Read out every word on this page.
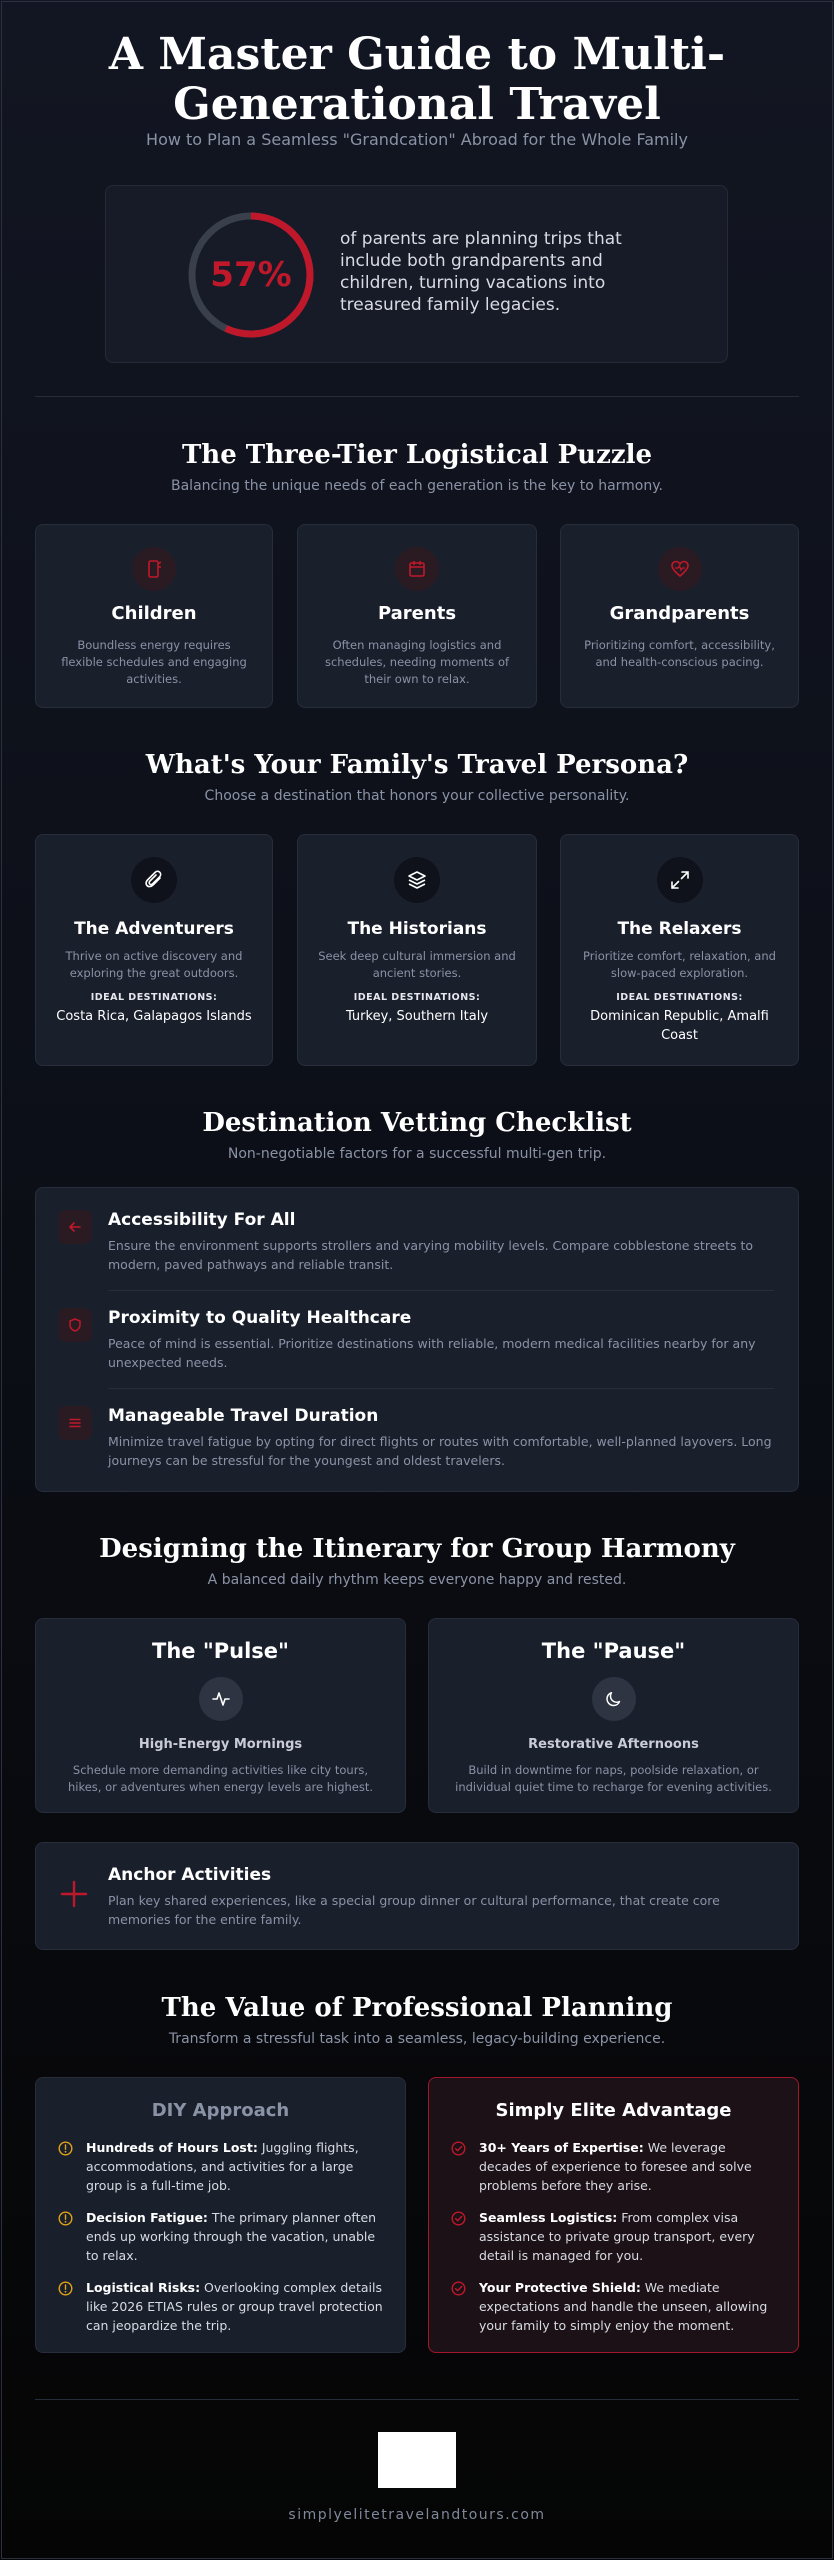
A Master Guide to Multi-Generational Travel
How to Plan a Seamless "Grandcation" Abroad for the Whole Family
57%
of parents are planning trips that include both grandparents and children, turning vacations into treasured family legacies.
The Three-Tier Logistical Puzzle
Balancing the unique needs of each generation is the key to harmony.
Children
Boundless energy requires flexible schedules and engaging activities.
Parents
Often managing logistics and schedules, needing moments of their own to relax.
Grandparents
Prioritizing comfort, accessibility, and health-conscious pacing.
What's Your Family's Travel Persona?
Choose a destination that honors your collective personality.
The Adventurers
Thrive on active discovery and exploring the great outdoors.
IDEAL DESTINATIONS:
Costa Rica, Galapagos Islands
The Historians
Seek deep cultural immersion and ancient stories.
IDEAL DESTINATIONS:
Turkey, Southern Italy
The Relaxers
Prioritize comfort, relaxation, and slow-paced exploration.
IDEAL DESTINATIONS:
Dominican Republic, Amalfi Coast
Destination Vetting Checklist
Non-negotiable factors for a successful multi-gen trip.
Accessibility For All
Ensure the environment supports strollers and varying mobility levels. Compare cobblestone streets to modern, paved pathways and reliable transit.
Proximity to Quality Healthcare
Peace of mind is essential. Prioritize destinations with reliable, modern medical facilities nearby for any unexpected needs.
Manageable Travel Duration
Minimize travel fatigue by opting for direct flights or routes with comfortable, well-planned layovers. Long journeys can be stressful for the youngest and oldest travelers.
Designing the Itinerary for Group Harmony
A balanced daily rhythm keeps everyone happy and rested.
The "Pulse"
High-Energy Mornings
Schedule more demanding activities like city tours, hikes, or adventures when energy levels are highest.
The "Pause"
Restorative Afternoons
Build in downtime for naps, poolside relaxation, or individual quiet time to recharge for evening activities.
Anchor Activities
Plan key shared experiences, like a special group dinner or cultural performance, that create core memories for the entire family.
The Value of Professional Planning
Transform a stressful task into a seamless, legacy-building experience.
DIY Approach
Hundreds of Hours Lost: Juggling flights, accommodations, and activities for a large group is a full-time job.
Decision Fatigue: The primary planner often ends up working through the vacation, unable to relax.
Logistical Risks: Overlooking complex details like 2026 ETIAS rules or group travel protection can jeopardize the trip.
Simply Elite Advantage
30+ Years of Expertise: We leverage decades of experience to foresee and solve problems before they arise.
Seamless Logistics: From complex visa assistance to private group transport, every detail is managed for you.
Your Protective Shield: We mediate expectations and handle the unseen, allowing your family to simply enjoy the moment.
simplyelitetravelandtours.com
